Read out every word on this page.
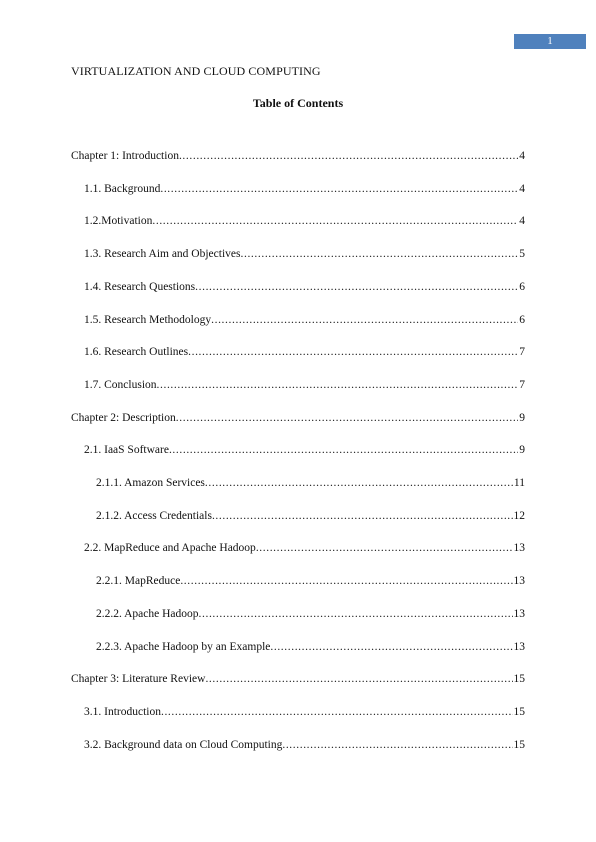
1
VIRTUALIZATION AND CLOUD COMPUTING
Table of Contents
Chapter 1: Introduction .....	4
1.1. Background .....	4
1.2.Motivation .....	4
1.3. Research Aim and Objectives .....	5
1.4. Research Questions .....	6
1.5. Research Methodology .....	6
1.6. Research Outlines .....	7
1.7. Conclusion .....	7
Chapter 2: Description .....	9
2.1. IaaS Software .....	9
2.1.1. Amazon Services .....	11
2.1.2. Access Credentials .....	12
2.2. MapReduce and Apache Hadoop .....	13
2.2.1. MapReduce .....	13
2.2.2. Apache Hadoop .....	13
2.2.3. Apache Hadoop by an Example .....	13
Chapter 3: Literature Review .....	15
3.1. Introduction .....	15
3.2. Background data on Cloud Computing .....	15
